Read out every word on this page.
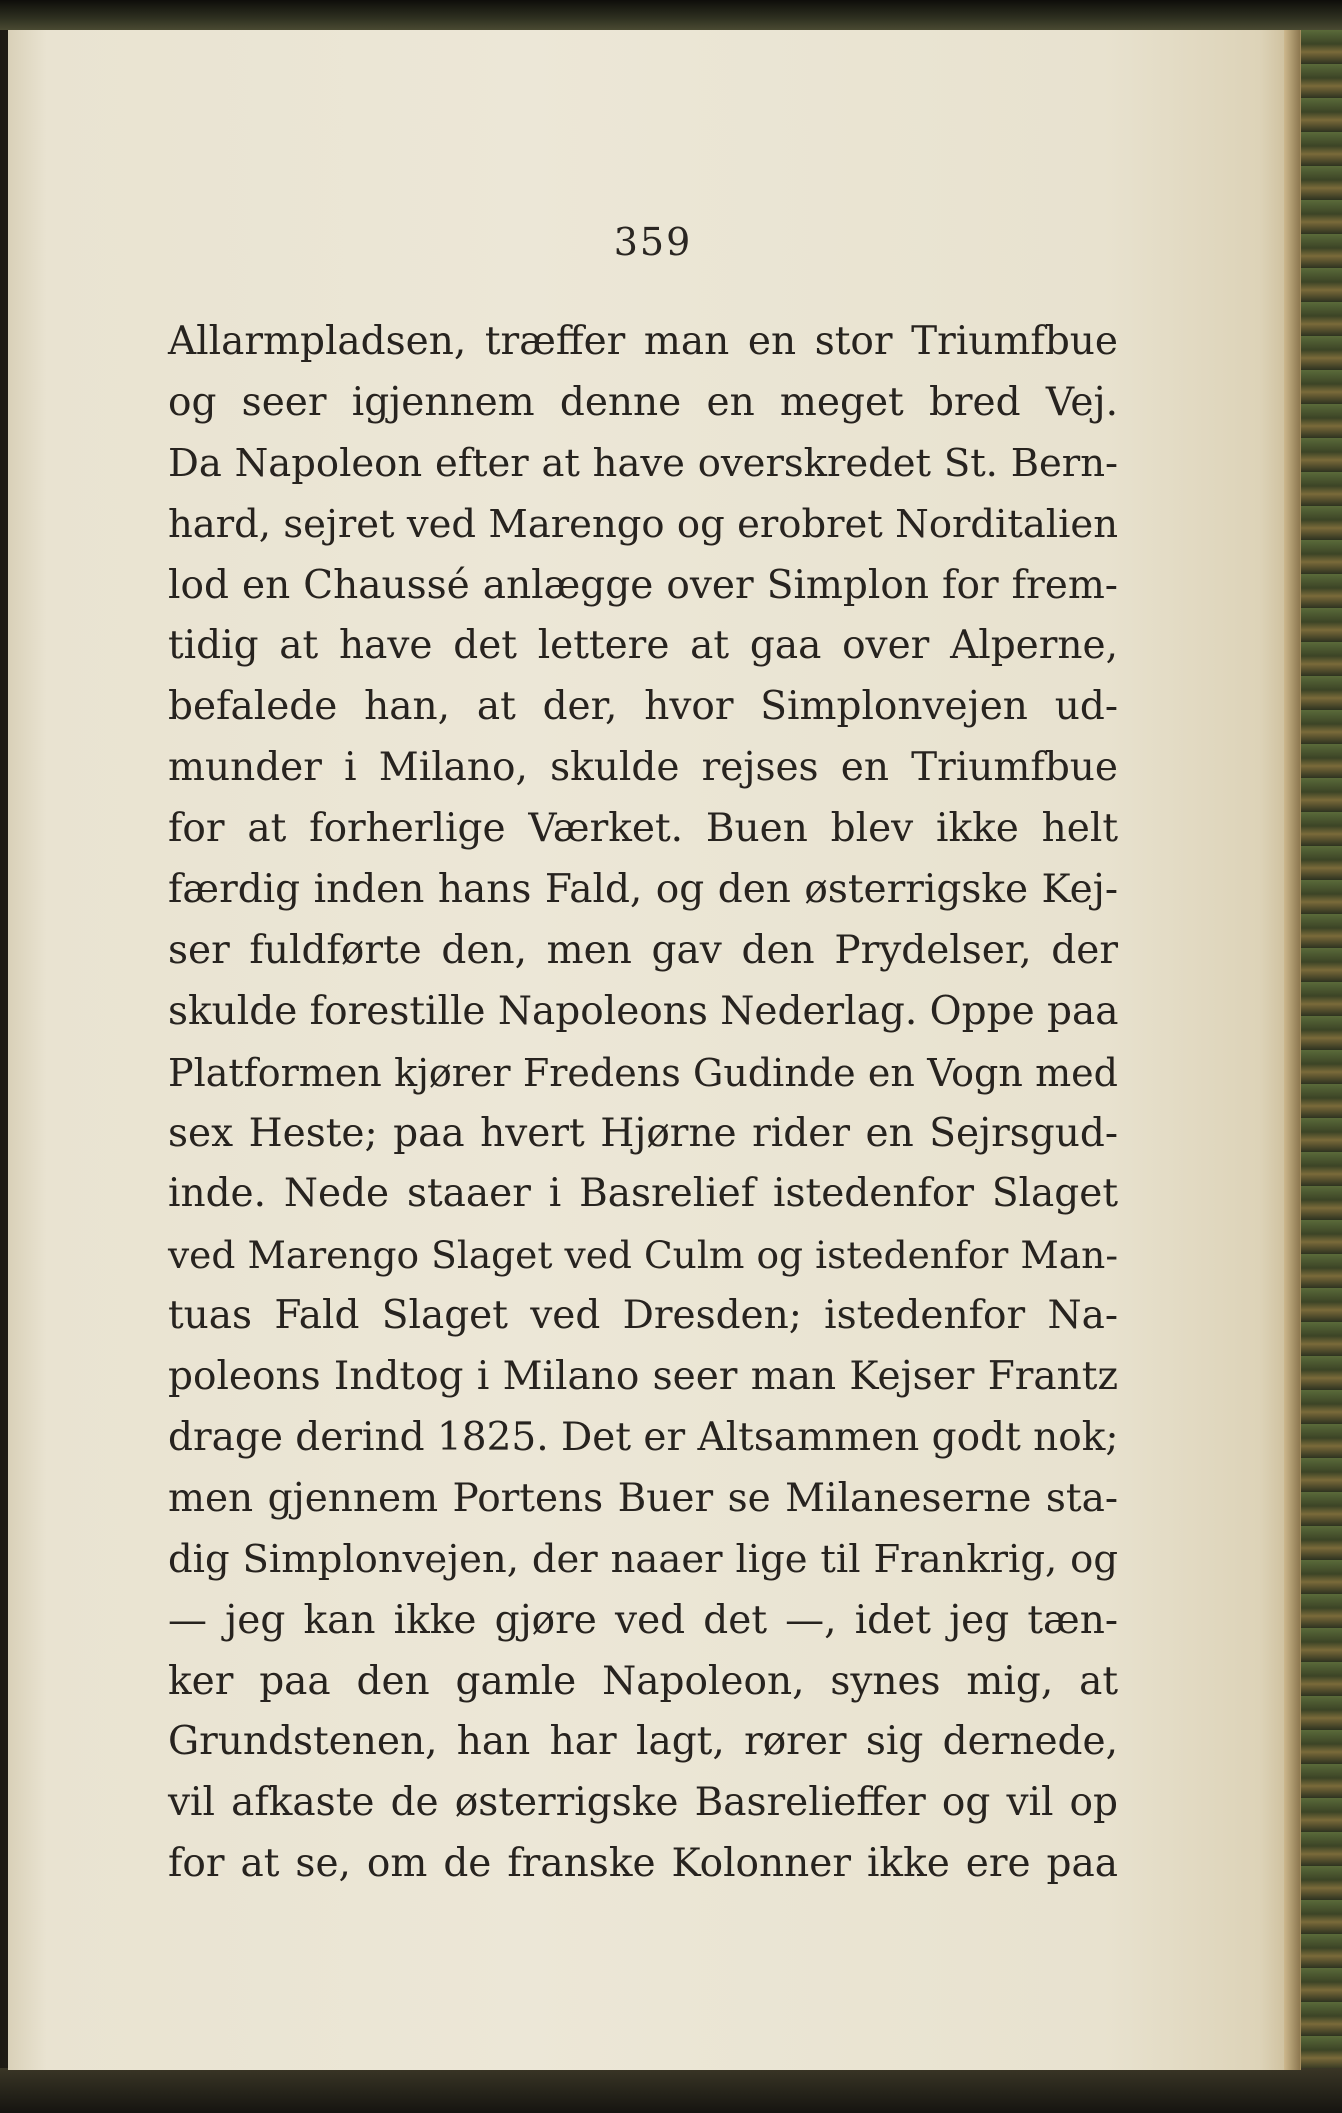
359
Allarmpladsen, træffer man en stor Triumfbue
og seer igjennem denne en meget bred Vej.
Da Napoleon efter at have overskredet St. Bern-
hard, sejret ved Marengo og erobret Norditalien
lod en Chaussé anlægge over Simplon for frem-
tidig at have det lettere at gaa over Alperne,
befalede han, at der, hvor Simplonvejen ud-
munder i Milano, skulde rejses en Triumfbue
for at forherlige Værket. Buen blev ikke helt
færdig inden hans Fald, og den østerrigske Kej-
ser fuldførte den, men gav den Prydelser, der
skulde forestille Napoleons Nederlag. Oppe paa
Platformen kjører Fredens Gudinde en Vogn med
sex Heste; paa hvert Hjørne rider en Sejrsgud-
inde. Nede staaer i Basrelief istedenfor Slaget
ved Marengo Slaget ved Culm og istedenfor Man-
tuas Fald Slaget ved Dresden; istedenfor Na-
poleons Indtog i Milano seer man Kejser Frantz
drage derind 1825. Det er Altsammen godt nok;
men gjennem Portens Buer se Milaneserne sta-
dig Simplonvejen, der naaer lige til Frankrig, og
— jeg kan ikke gjøre ved det —, idet jeg tæn-
ker paa den gamle Napoleon, synes mig, at
Grundstenen, han har lagt, rører sig dernede,
vil afkaste de østerrigske Basrelieffer og vil op
for at se, om de franske Kolonner ikke ere paa
